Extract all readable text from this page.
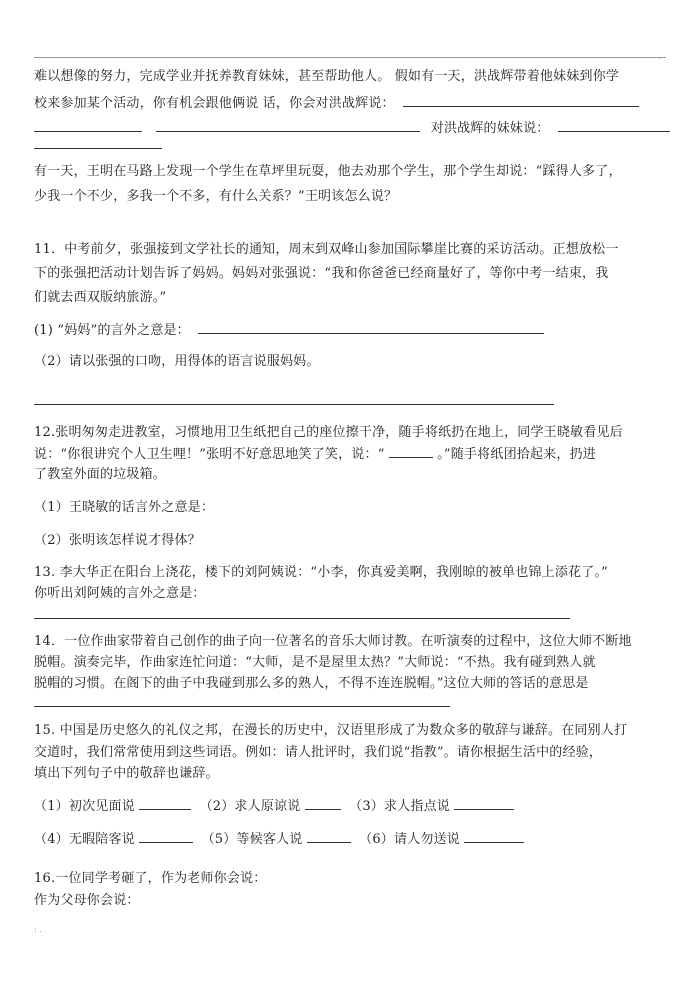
.
难以想像的努力，完成学业并抚养教育妹妹，甚至帮助他人。 假如有一天，洪战辉带着他妹妹到你学
校来参加某个活动，你有机会跟他俩说 话，你会对洪战辉说：
对洪战辉的妹妹说：
有一天，王明在马路上发现一个学生在草坪里玩耍，他去劝那个学生，那个学生却说：“踩得人多了，
少我一个不少，多我一个不多，有什么关系？”王明该怎么说？
11．中考前夕，张强接到文学社长的通知，周末到双峰山参加国际攀崖比赛的采访活动。正想放松一
下的张强把活动计划告诉了妈妈。妈妈对张强说：“我和你爸爸已经商量好了，等你中考一结束，我
们就去西双版纳旅游。”
(1) “妈妈”的言外之意是：
（2）请以张强的口吻，用得体的语言说服妈妈。
12.张明匆匆走进教室，习惯地用卫生纸把自己的座位擦干净，随手将纸扔在地上，同学王晓敏看见后
说：“你很讲究个人卫生哩！”张明不好意思地笑了笑，说：“	。”随手将纸团拾起来，扔进
了教室外面的垃圾箱。
（1）王晓敏的话言外之意是：
（2）张明该怎样说才得体？
13. 李大华正在阳台上浇花，楼下的刘阿姨说：“小李，你真爱美啊，我刚晾的被单也锦上添花了。”
你听出刘阿姨的言外之意是：
14．一位作曲家带着自己创作的曲子向一位著名的音乐大师讨教。在听演奏的过程中，这位大师不断地
脱帽。演奏完毕，作曲家连忙问道：“大师，是不是屋里太热？”大师说：“不热。我有碰到熟人就
脱帽的习惯。在阁下的曲子中我碰到那么多的熟人，不得不连连脱帽。”这位大师的答话的意思是
15. 中国是历史悠久的礼仪之邦，在漫长的历史中，汉语里形成了为数众多的敬辞与谦辞。在同别人打
交道时，我们常常使用到这些词语。例如：请人批评时，我们说“指教”。请你根据生活中的经验，
填出下列句子中的敬辞也谦辞。
（1）初次见面说	（2）求人原谅说	（3）求人指点说
（4）无暇陪客说	（5）等候客人说	（6）请人勿送说
16.一位同学考砸了，作为老师你会说：
作为父母你会说：
: .
